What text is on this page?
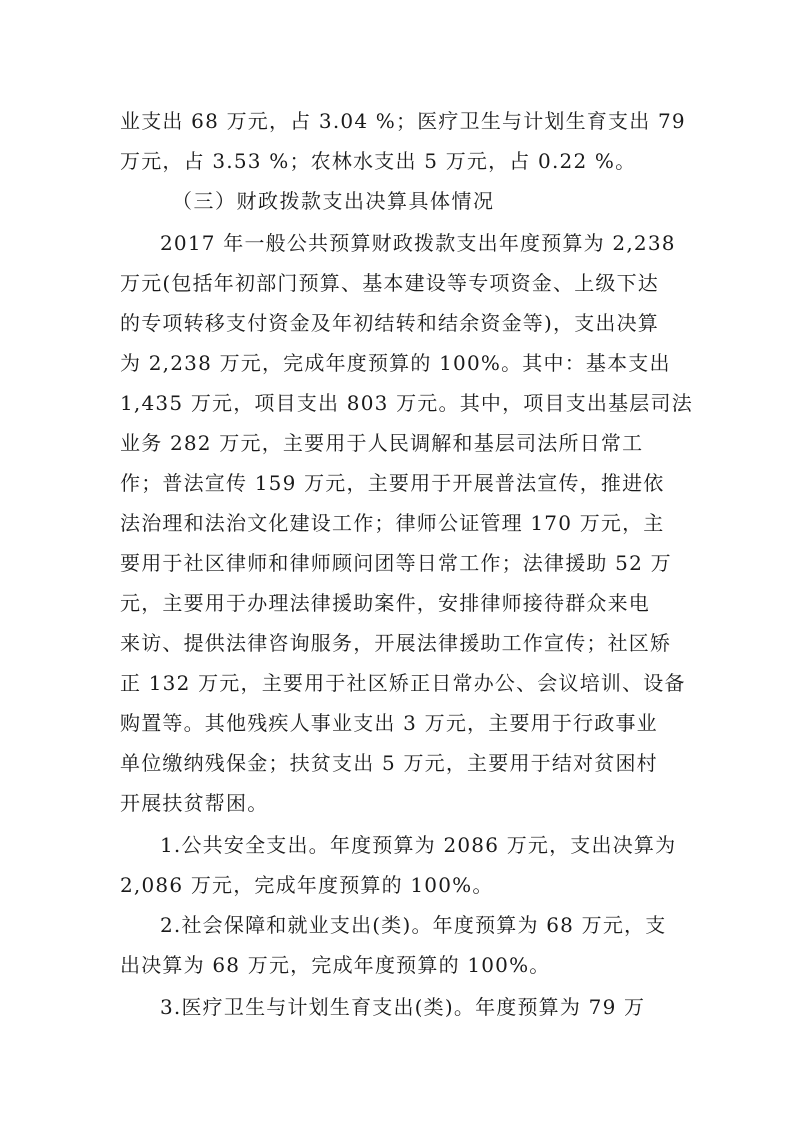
业支出 68 万元，占 3.04 %；医疗卫生与计划生育支出 79
万元，占 3.53 %；农林水支出 5 万元，占 0.22 %。
（三）财政拨款支出决算具体情况
2017 年一般公共预算财政拨款支出年度预算为 2,238
万元(包括年初部门预算、基本建设等专项资金、上级下达
的专项转移支付资金及年初结转和结余资金等)，支出决算
为 2,238 万元，完成年度预算的 100%。其中：基本支出
1,435 万元，项目支出 803 万元。其中，项目支出基层司法
业务 282 万元，主要用于人民调解和基层司法所日常工
作；普法宣传 159 万元，主要用于开展普法宣传，推进依
法治理和法治文化建设工作；律师公证管理 170 万元，主
要用于社区律师和律师顾问团等日常工作；法律援助 52 万
元，主要用于办理法律援助案件，安排律师接待群众来电
来访、提供法律咨询服务，开展法律援助工作宣传；社区矫
正 132 万元，主要用于社区矫正日常办公、会议培训、设备
购置等。其他残疾人事业支出 3 万元，主要用于行政事业
单位缴纳残保金；扶贫支出 5 万元，主要用于结对贫困村
开展扶贫帮困。
1.公共安全支出。年度预算为 2086 万元，支出决算为
2,086 万元，完成年度预算的 100%。
2.社会保障和就业支出(类)。年度预算为 68 万元，支
出决算为 68 万元，完成年度预算的 100%。
3.医疗卫生与计划生育支出(类)。年度预算为 79 万
